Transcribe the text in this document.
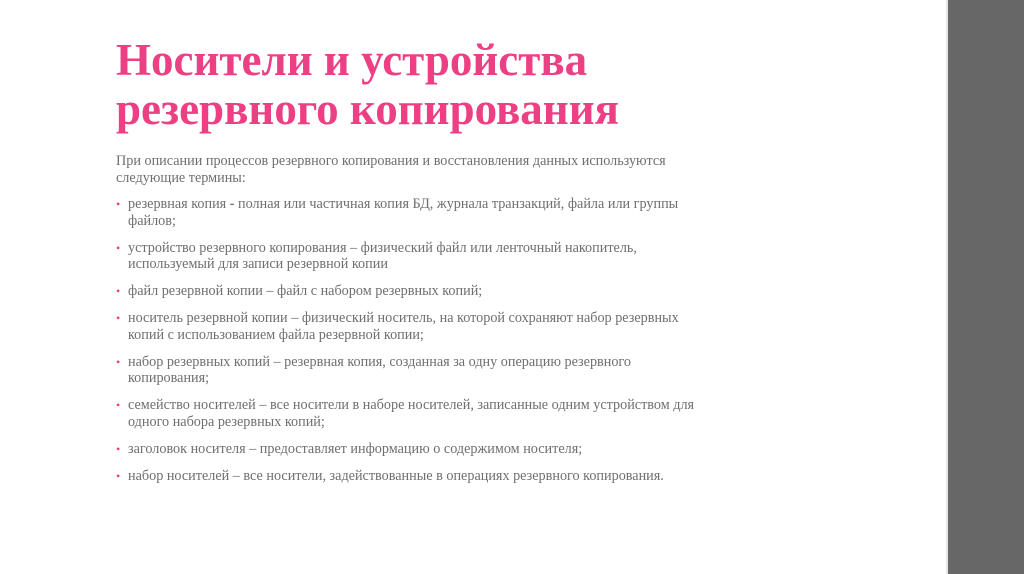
Носители и устройства
резервного копирования

При описании процессов резервного копирования и восстановления данных используются
следующие термины:

• резервная копия - полная или частичная копия БД, журнала транзакций, файла или группы
файлов;
• устройство резервного копирования – физический файл или ленточный накопитель,
используемый для записи резервной копии
• файл резервной копии – файл с набором резервных копий;
• носитель резервной копии – физический носитель, на которой сохраняют набор резервных
копий с использованием файла резервной копии;
• набор резервных копий – резервная копия, созданная за одну операцию резервного
копирования;
• семейство носителей – все носители в наборе носителей, записанные одним устройством для
одного набора резервных копий;
• заголовок носителя – предоставляет информацию о содержимом носителя;
• набор носителей – все носители, задействованные в операциях резервного копирования.
